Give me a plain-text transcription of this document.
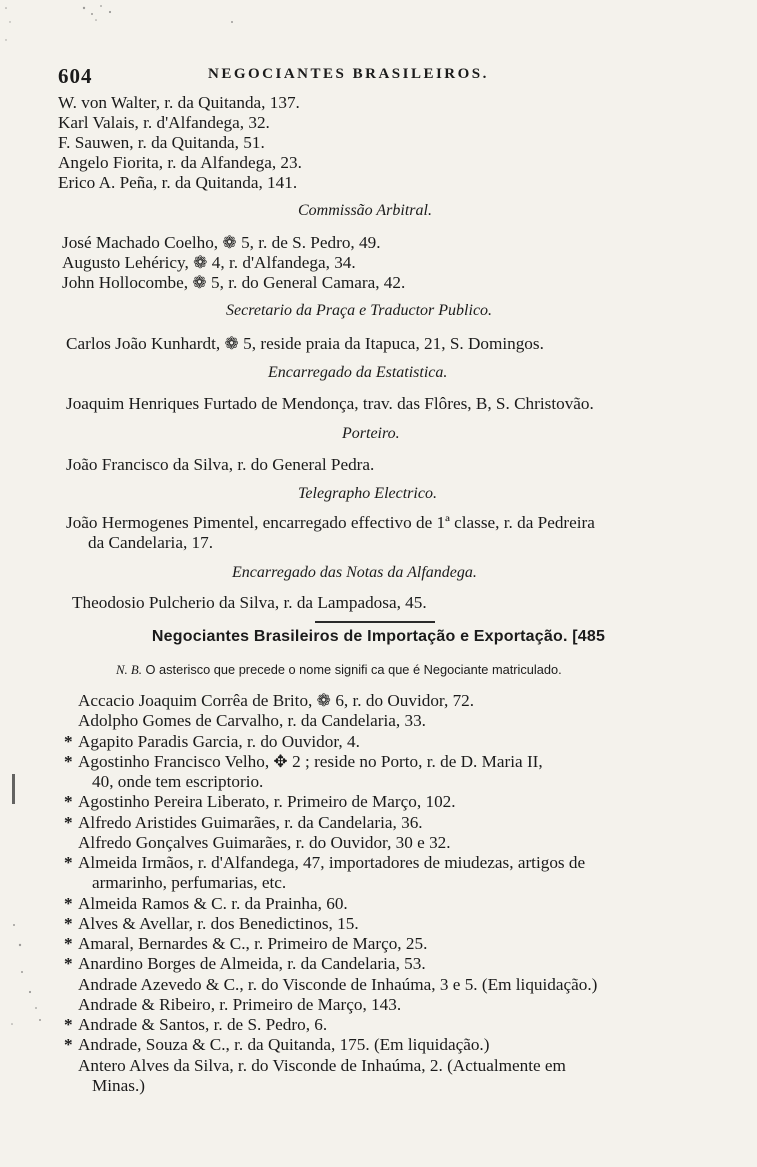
604	NEGOCIANTES BRASILEIROS.
W. von Walter, r. da Quitanda, 137.
Karl Valais, r. d'Alfandega, 32.
F. Sauwen, r. da Quitanda, 51.
Angelo Fiorita, r. da Alfandega, 23.
Erico A. Peña, r. da Quitanda, 141.
Commissão Arbitral.
José Machado Coelho, ❁ 5, r. de S. Pedro, 49.
Augusto Lehéricy, ❁ 4, r. d'Alfandega, 34.
John Hollocombe, ❁ 5, r. do General Camara, 42.
Secretario da Praça e Traductor Publico.
Carlos João Kunhardt, ❁ 5, reside praia da Itapuca, 21, S. Domingos.
Encarregado da Estatistica.
Joaquim Henriques Furtado de Mendonça, trav. das Flôres, B, S. Christovão.
Porteiro.
João Francisco da Silva, r. do General Pedra.
Telegrapho Electrico.
João Hermogenes Pimentel, encarregado effectivo de 1ª classe, r. da Pedreira
da Candelaria, 17.
Encarregado das Notas da Alfandega.
Theodosio Pulcherio da Silva, r. da Lampadosa, 45.
Negociantes Brasileiros de Importação e Exportação. [485
N. B. O asterisco que precede o nome signifi ca que é Negociante matriculado.
Accacio Joaquim Corrêa de Brito, ❁ 6, r. do Ouvidor, 72.
Adolpho Gomes de Carvalho, r. da Candelaria, 33.
* Agapito Paradis Garcia, r. do Ouvidor, 4.
* Agostinho Francisco Velho, ✥ 2 ; reside no Porto, r. de D. Maria II,
40, onde tem escriptorio.
* Agostinho Pereira Liberato, r. Primeiro de Março, 102.
* Alfredo Aristides Guimarães, r. da Candelaria, 36.
Alfredo Gonçalves Guimarães, r. do Ouvidor, 30 e 32.
* Almeida Irmãos, r. d'Alfandega, 47, importadores de miudezas, artigos de
armarinho, perfumarias, etc.
* Almeida Ramos & C. r. da Prainha, 60.
* Alves & Avellar, r. dos Benedictinos, 15.
* Amaral, Bernardes & C., r. Primeiro de Março, 25.
* Anardino Borges de Almeida, r. da Candelaria, 53.
Andrade Azevedo & C., r. do Visconde de Inhaúma, 3 e 5. (Em liquidação.)
Andrade & Ribeiro, r. Primeiro de Março, 143.
* Andrade & Santos, r. de S. Pedro, 6.
* Andrade, Souza & C., r. da Quitanda, 175. (Em liquidação.)
Antero Alves da Silva, r. do Visconde de Inhaúma, 2. (Actualmente em
Minas.)
